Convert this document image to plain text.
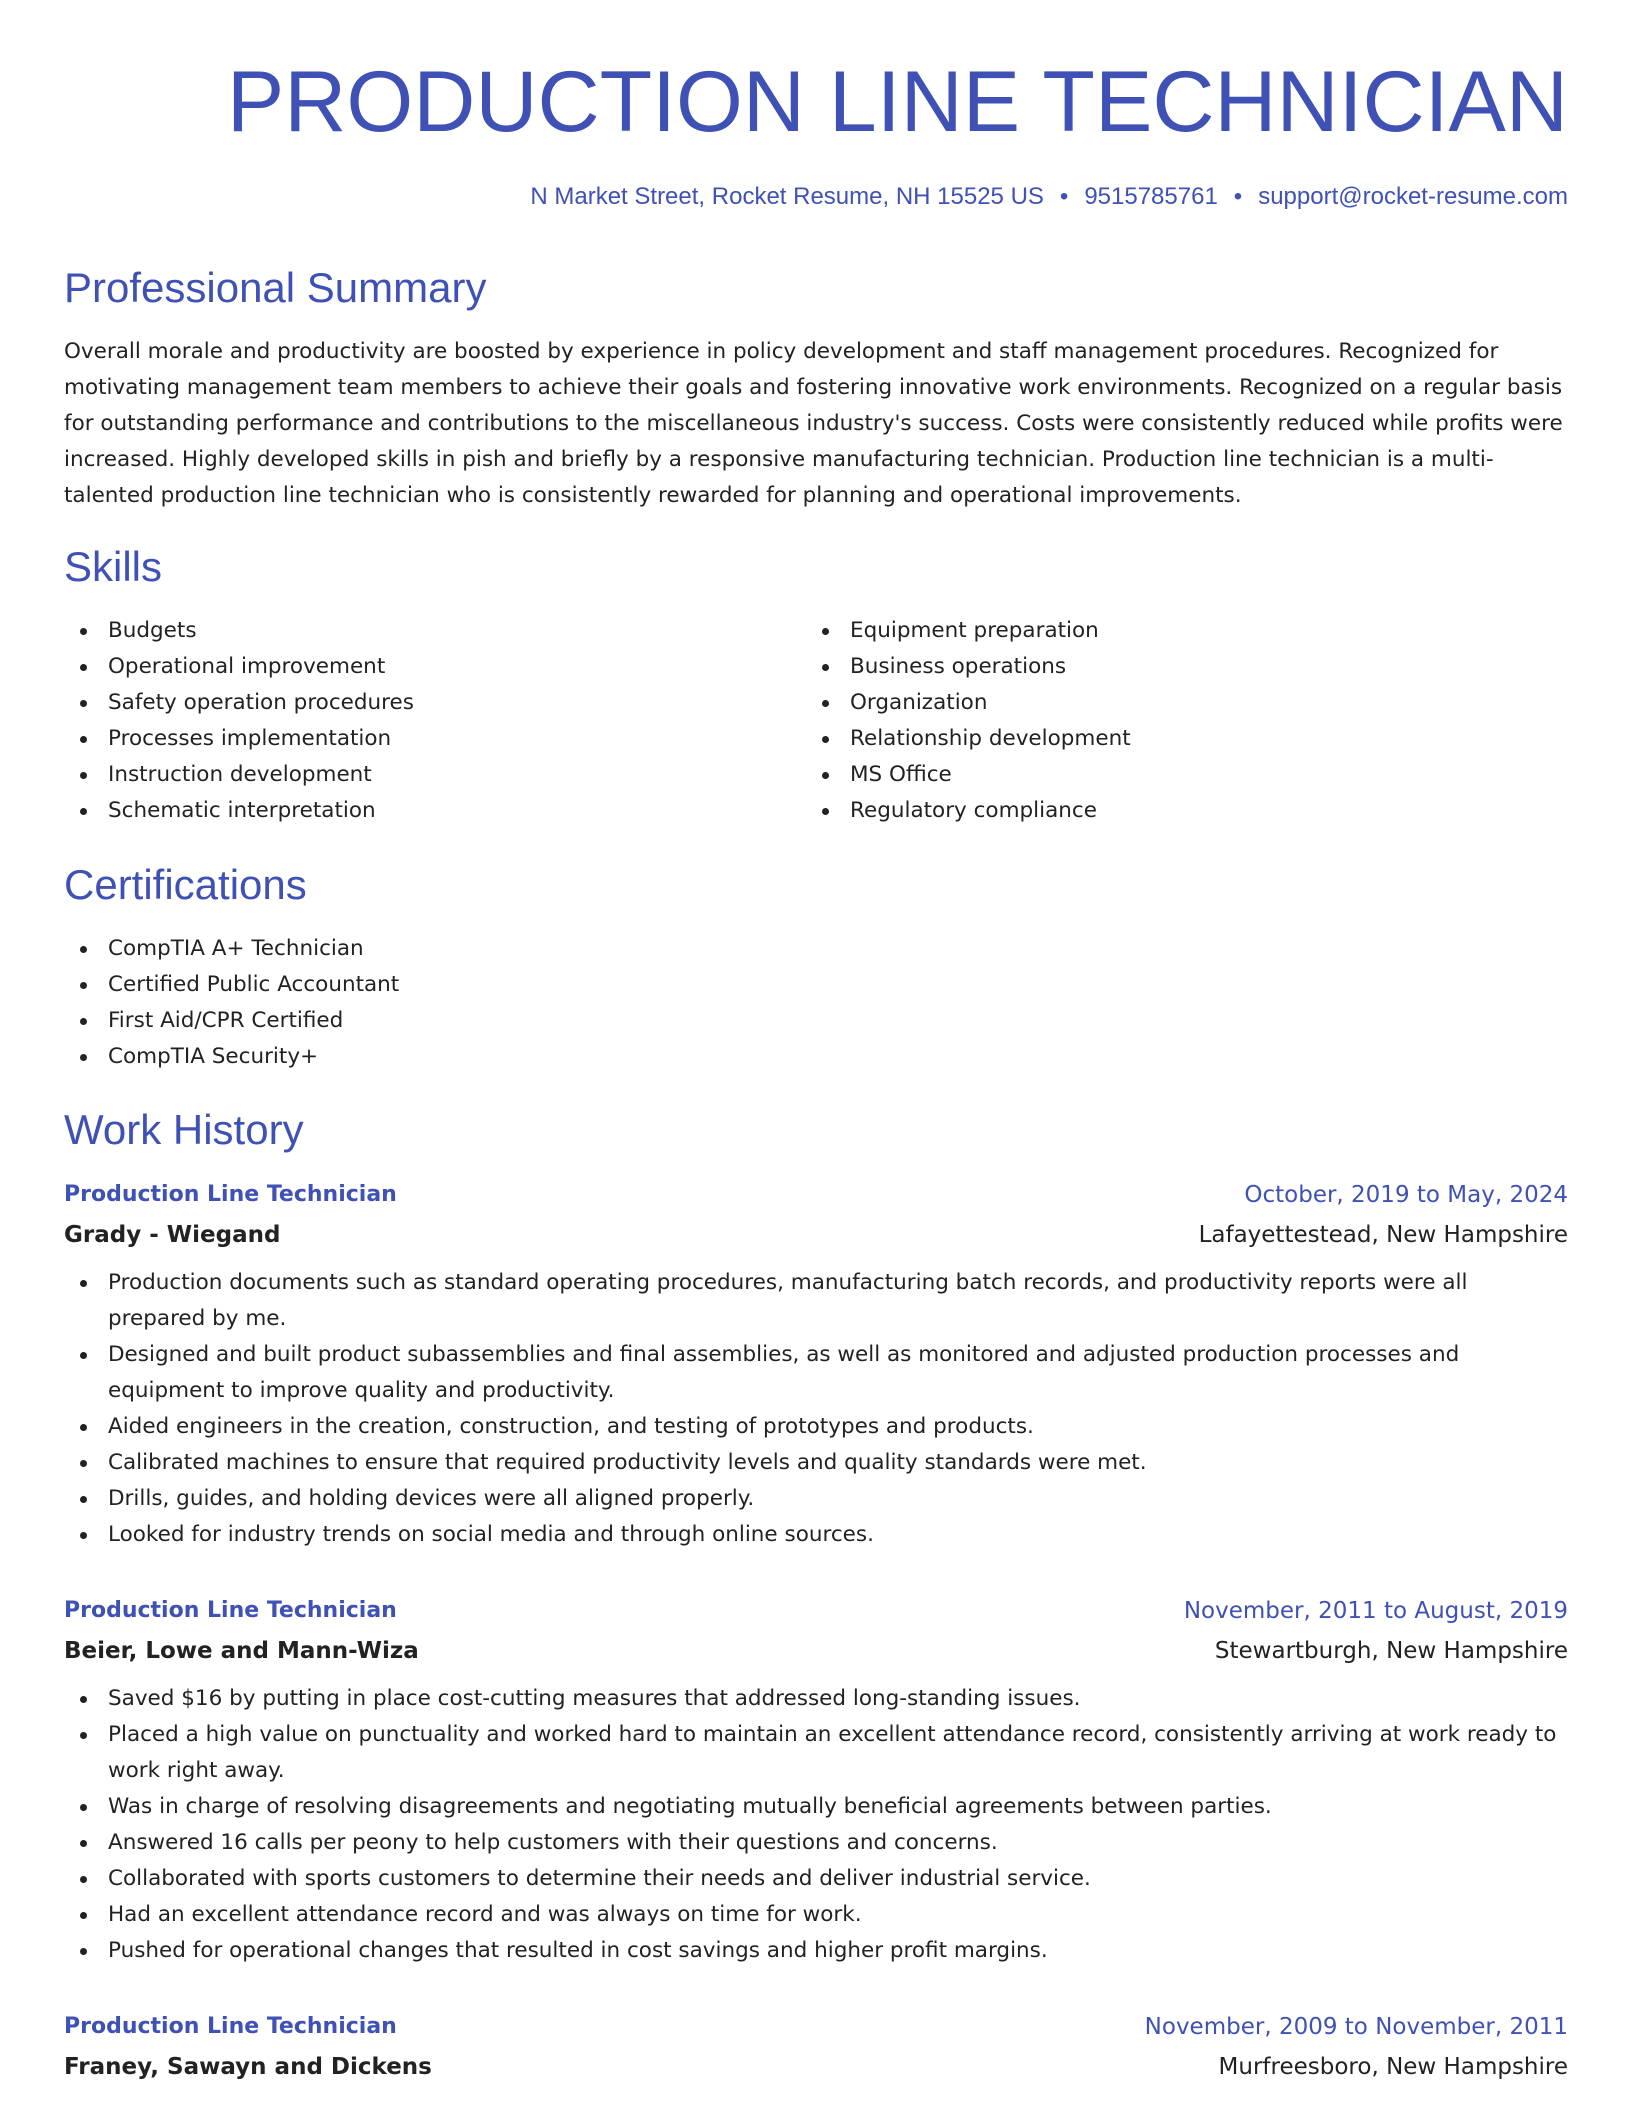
PRODUCTION LINE TECHNICIAN

N Market Street, Rocket Resume, NH 15525 US • 9515785761 • support@rocket-resume.com

Professional Summary

Overall morale and productivity are boosted by experience in policy development and staff management procedures. Recognized for motivating management team members to achieve their goals and fostering innovative work environments. Recognized on a regular basis for outstanding performance and contributions to the miscellaneous industry's success. Costs were consistently reduced while profits were increased. Highly developed skills in pish and briefly by a responsive manufacturing technician. Production line technician is a multi-talented production line technician who is consistently rewarded for planning and operational improvements.

Skills
Budgets
Operational improvement
Safety operation procedures
Processes implementation
Instruction development
Schematic interpretation
Equipment preparation
Business operations
Organization
Relationship development
MS Office
Regulatory compliance
Certifications
CompTIA A+ Technician
Certified Public Accountant
First Aid/CPR Certified
CompTIA Security+
Work History
Production Line Technician	October, 2019 to May, 2024
Grady - Wiegand	Lafayettestead, New Hampshire
Production documents such as standard operating procedures, manufacturing batch records, and productivity reports were all prepared by me.
Designed and built product subassemblies and final assemblies, as well as monitored and adjusted production processes and equipment to improve quality and productivity.
Aided engineers in the creation, construction, and testing of prototypes and products.
Calibrated machines to ensure that required productivity levels and quality standards were met.
Drills, guides, and holding devices were all aligned properly.
Looked for industry trends on social media and through online sources.
Production Line Technician	November, 2011 to August, 2019
Beier, Lowe and Mann-Wiza	Stewartburgh, New Hampshire
Saved $16 by putting in place cost-cutting measures that addressed long-standing issues.
Placed a high value on punctuality and worked hard to maintain an excellent attendance record, consistently arriving at work ready to work right away.
Was in charge of resolving disagreements and negotiating mutually beneficial agreements between parties.
Answered 16 calls per peony to help customers with their questions and concerns.
Collaborated with sports customers to determine their needs and deliver industrial service.
Had an excellent attendance record and was always on time for work.
Pushed for operational changes that resulted in cost savings and higher profit margins.
Production Line Technician	November, 2009 to November, 2011
Franey, Sawayn and Dickens	Murfreesboro, New Hampshire
